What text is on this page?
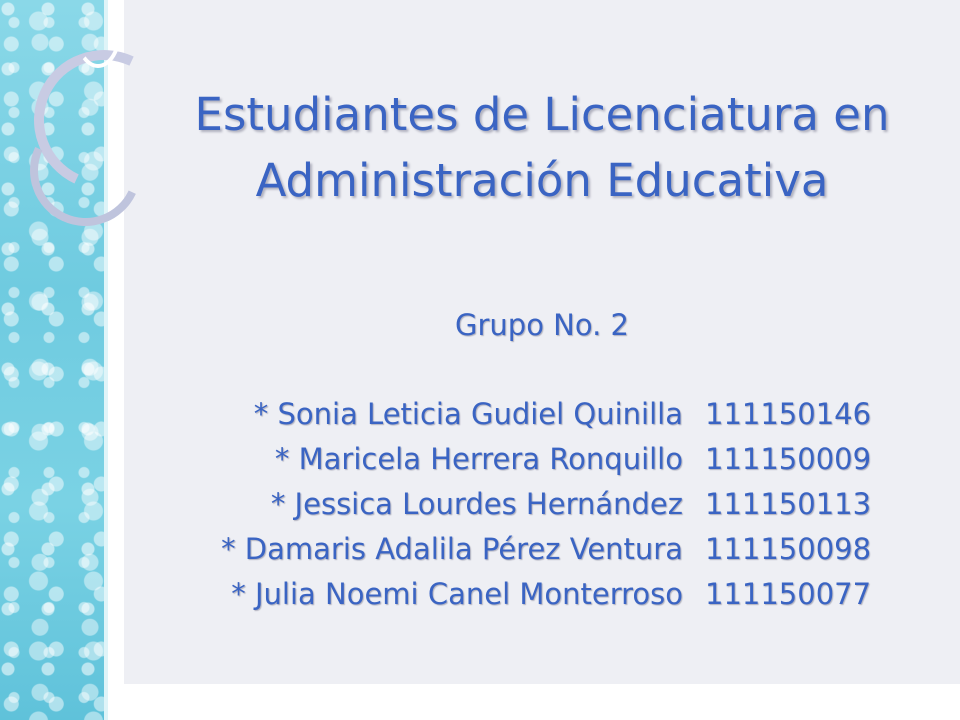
Estudiantes de Licenciatura en Administración Educativa
Grupo No. 2
* Sonia Leticia Gudiel Quinilla 111150146
* Maricela Herrera Ronquillo 111150009
* Jessica Lourdes Hernández 111150113
* Damaris Adalila Pérez Ventura 111150098
* Julia Noemi Canel Monterroso 111150077
